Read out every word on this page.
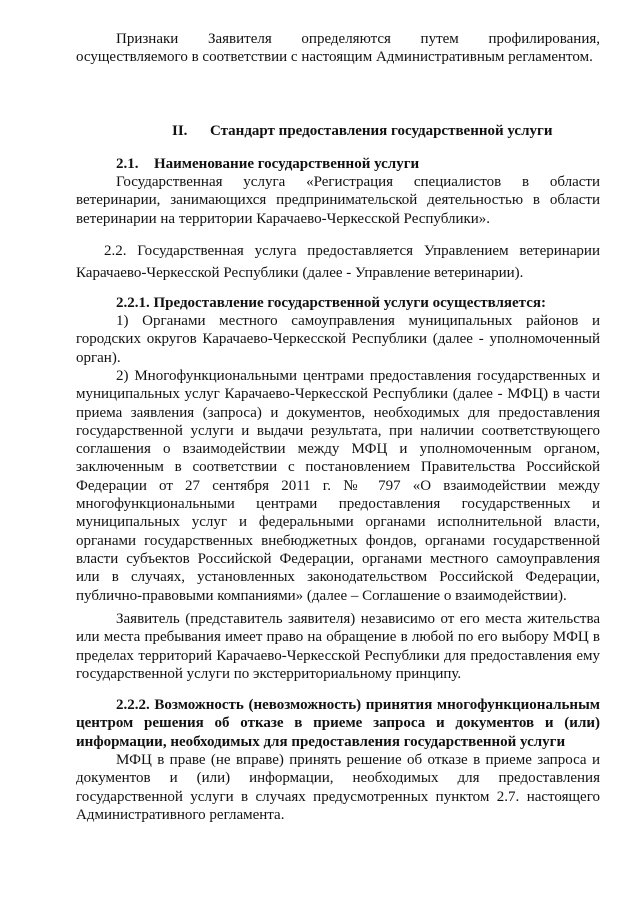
Признаки Заявителя определяются путем профилирования, осуществляемого в соответствии с настоящим Административным регламентом.

II. Стандарт предоставления государственной услуги
2.1. Наименование государственной услуги

Государственная услуга «Регистрация специалистов в области ветеринарии, занимающихся предпринимательской деятельностью в области ветеринарии на территории Карачаево-Черкесской Республики».

2.2. Государственная услуга предоставляется Управлением ветеринарии Карачаево-Черкесской Республики (далее - Управление ветеринарии).

2.2.1. Предоставление государственной услуги осуществляется:

1) Органами местного самоуправления муниципальных районов и городских округов Карачаево-Черкесской Республики (далее - уполномоченный орган).

2) Многофункциональными центрами предоставления государственных и муниципальных услуг Карачаево-Черкесской Республики (далее - МФЦ) в части приема заявления (запроса) и документов, необходимых для предоставления государственной услуги и выдачи результата, при наличии соответствующего соглашения о взаимодействии между МФЦ и уполномоченным органом, заключенным в соответствии с постановлением Правительства Российской Федерации от 27 сентября 2011 г. № 797 «О взаимодействии между многофункциональными центрами предоставления государственных и муниципальных услуг и федеральными органами исполнительной власти, органами государственных внебюджетных фондов, органами государственной власти субъектов Российской Федерации, органами местного самоуправления или в случаях, установленных законодательством Российской Федерации, публично-правовыми компаниями» (далее – Соглашение о взаимодействии).

Заявитель (представитель заявителя) независимо от его места жительства или места пребывания имеет право на обращение в любой по его выбору МФЦ в пределах территорий Карачаево-Черкесской Республики для предоставления ему государственной услуги по экстерриториальному принципу.

2.2.2. Возможность (невозможность) принятия многофункциональным центром решения об отказе в приеме запроса и документов и (или) информации, необходимых для предоставления государственной услуги

МФЦ в праве (не вправе) принять решение об отказе в приеме запроса и документов и (или) информации, необходимых для предоставления государственной услуги в случаях предусмотренных пунктом 2.7. настоящего Административного регламента.
